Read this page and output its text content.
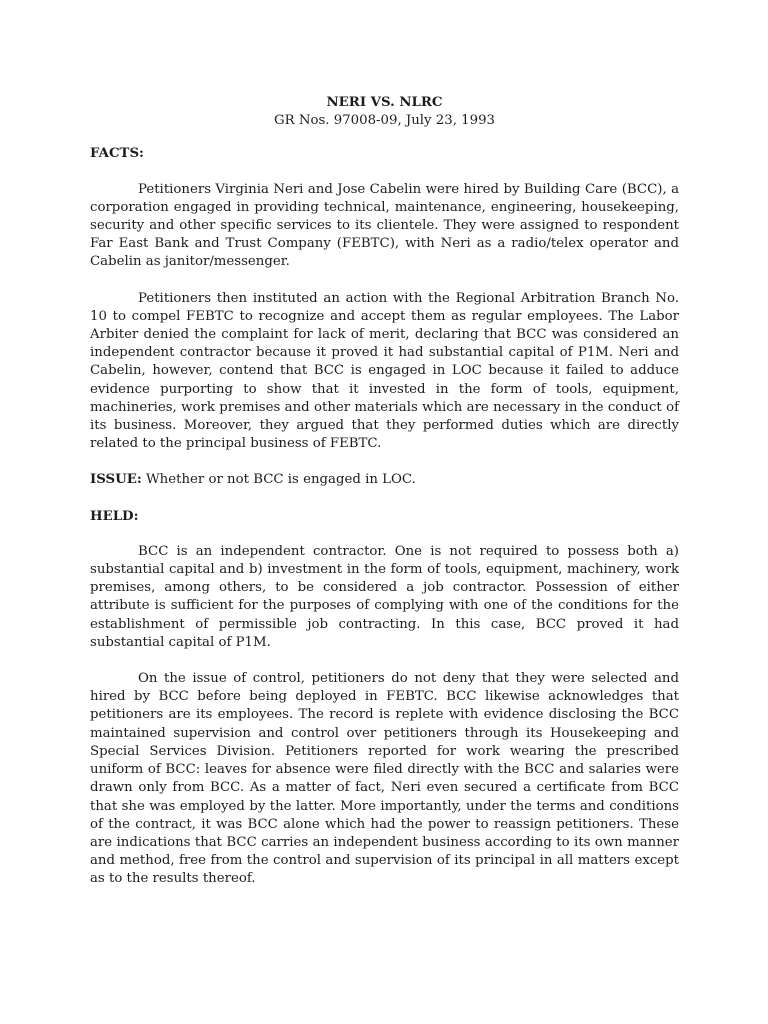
NERI VS. NLRC
GR Nos. 97008-09, July 23, 1993
FACTS:

Petitioners Virginia Neri and Jose Cabelin were hired by Building Care (BCC), a corporation engaged in providing technical, maintenance, engineering, housekeeping, security and other specific services to its clientele. They were assigned to respondent Far East Bank and Trust Company (FEBTC), with Neri as a radio/telex operator and Cabelin as janitor/messenger.

Petitioners then instituted an action with the Regional Arbitration Branch No. 10 to compel FEBTC to recognize and accept them as regular employees. The Labor Arbiter denied the complaint for lack of merit, declaring that BCC was considered an independent contractor because it proved it had substantial capital of P1M. Neri and Cabelin, however, contend that BCC is engaged in LOC because it failed to adduce evidence purporting to show that it invested in the form of tools, equipment, machineries, work premises and other materials which are necessary in the conduct of its business. Moreover, they argued that they performed duties which are directly related to the principal business of FEBTC.

ISSUE: Whether or not BCC is engaged in LOC.
HELD:

BCC is an independent contractor. One is not required to possess both a) substantial capital and b) investment in the form of tools, equipment, machinery, work premises, among others, to be considered a job contractor. Possession of either attribute is sufficient for the purposes of complying with one of the conditions for the establishment of permissible job contracting. In this case, BCC proved it had substantial capital of P1M.

On the issue of control, petitioners do not deny that they were selected and hired by BCC before being deployed in FEBTC. BCC likewise acknowledges that petitioners are its employees. The record is replete with evidence disclosing the BCC maintained supervision and control over petitioners through its Housekeeping and Special Services Division. Petitioners reported for work wearing the prescribed uniform of BCC: leaves for absence were filed directly with the BCC and salaries were drawn only from BCC. As a matter of fact, Neri even secured a certificate from BCC that she was employed by the latter. More importantly, under the terms and conditions of the contract, it was BCC alone which had the power to reassign petitioners. These are indications that BCC carries an independent business according to its own manner and method, free from the control and supervision of its principal in all matters except as to the results thereof.
